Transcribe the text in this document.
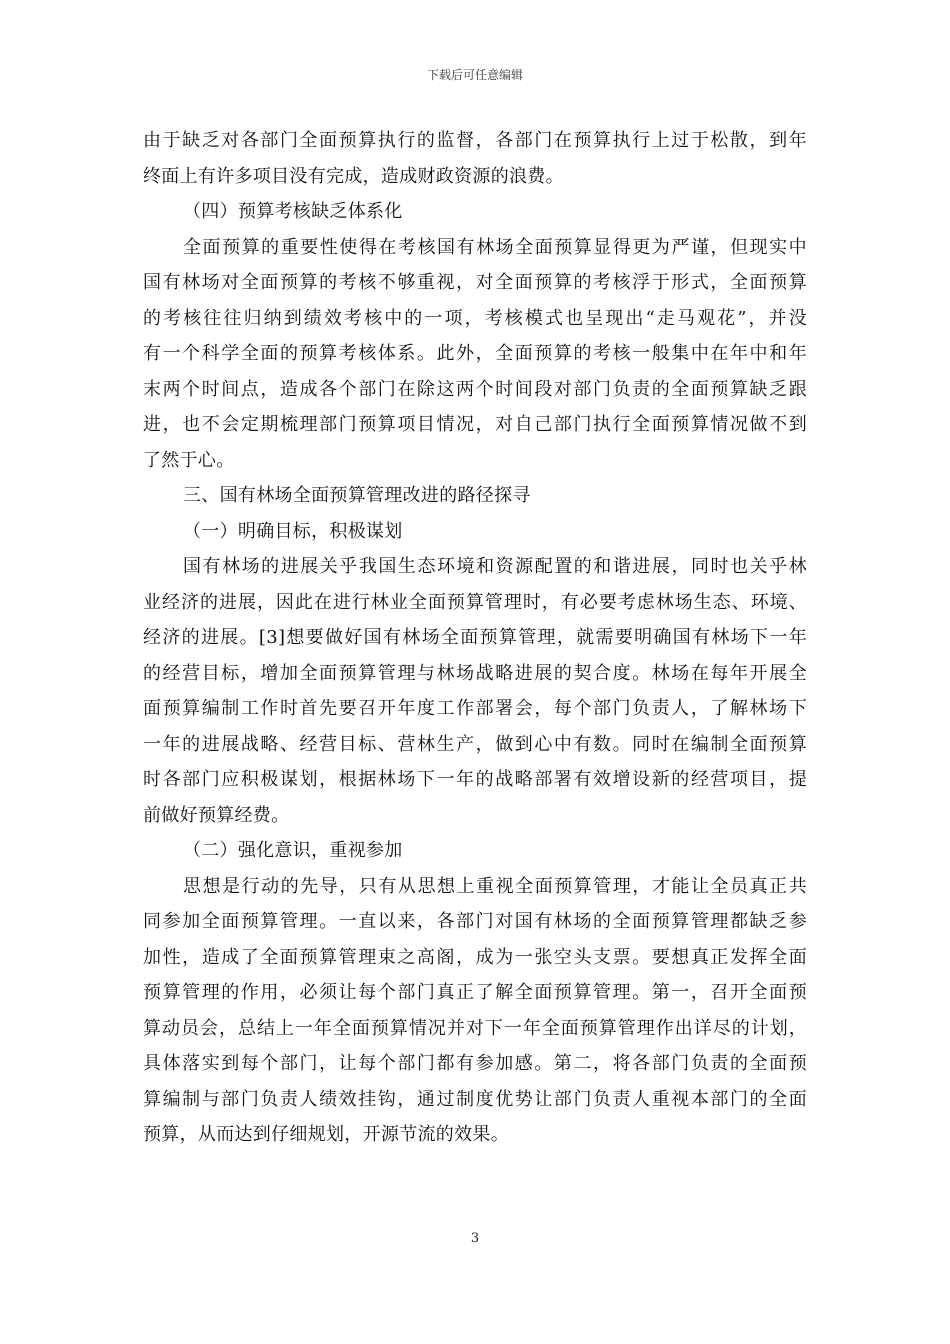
下载后可任意编辑
由于缺乏对各部门全面预算执行的监督，各部门在预算执行上过于松散，到年
终面上有许多项目没有完成，造成财政资源的浪费。
（四）预算考核缺乏体系化
全面预算的重要性使得在考核国有林场全面预算显得更为严谨，但现实中
国有林场对全面预算的考核不够重视，对全面预算的考核浮于形式，全面预算
的考核往往归纳到绩效考核中的一项，考核模式也呈现出“走马观花”，并没
有一个科学全面的预算考核体系。此外，全面预算的考核一般集中在年中和年
末两个时间点，造成各个部门在除这两个时间段对部门负责的全面预算缺乏跟
进，也不会定期梳理部门预算项目情况，对自己部门执行全面预算情况做不到
了然于心。
三、国有林场全面预算管理改进的路径探寻
（一）明确目标，积极谋划
国有林场的进展关乎我国生态环境和资源配置的和谐进展，同时也关乎林
业经济的进展，因此在进行林业全面预算管理时，有必要考虑林场生态、环境、
经济的进展。[3]想要做好国有林场全面预算管理，就需要明确国有林场下一年
的经营目标，增加全面预算管理与林场战略进展的契合度。林场在每年开展全
面预算编制工作时首先要召开年度工作部署会，每个部门负责人，了解林场下
一年的进展战略、经营目标、营林生产，做到心中有数。同时在编制全面预算
时各部门应积极谋划，根据林场下一年的战略部署有效增设新的经营项目，提
前做好预算经费。
（二）强化意识，重视参加
思想是行动的先导，只有从思想上重视全面预算管理，才能让全员真正共
同参加全面预算管理。一直以来，各部门对国有林场的全面预算管理都缺乏参
加性，造成了全面预算管理束之高阁，成为一张空头支票。要想真正发挥全面
预算管理的作用，必须让每个部门真正了解全面预算管理。第一，召开全面预
算动员会，总结上一年全面预算情况并对下一年全面预算管理作出详尽的计划，
具体落实到每个部门，让每个部门都有参加感。第二，将各部门负责的全面预
算编制与部门负责人绩效挂钩，通过制度优势让部门负责人重视本部门的全面
预算，从而达到仔细规划，开源节流的效果。
3
